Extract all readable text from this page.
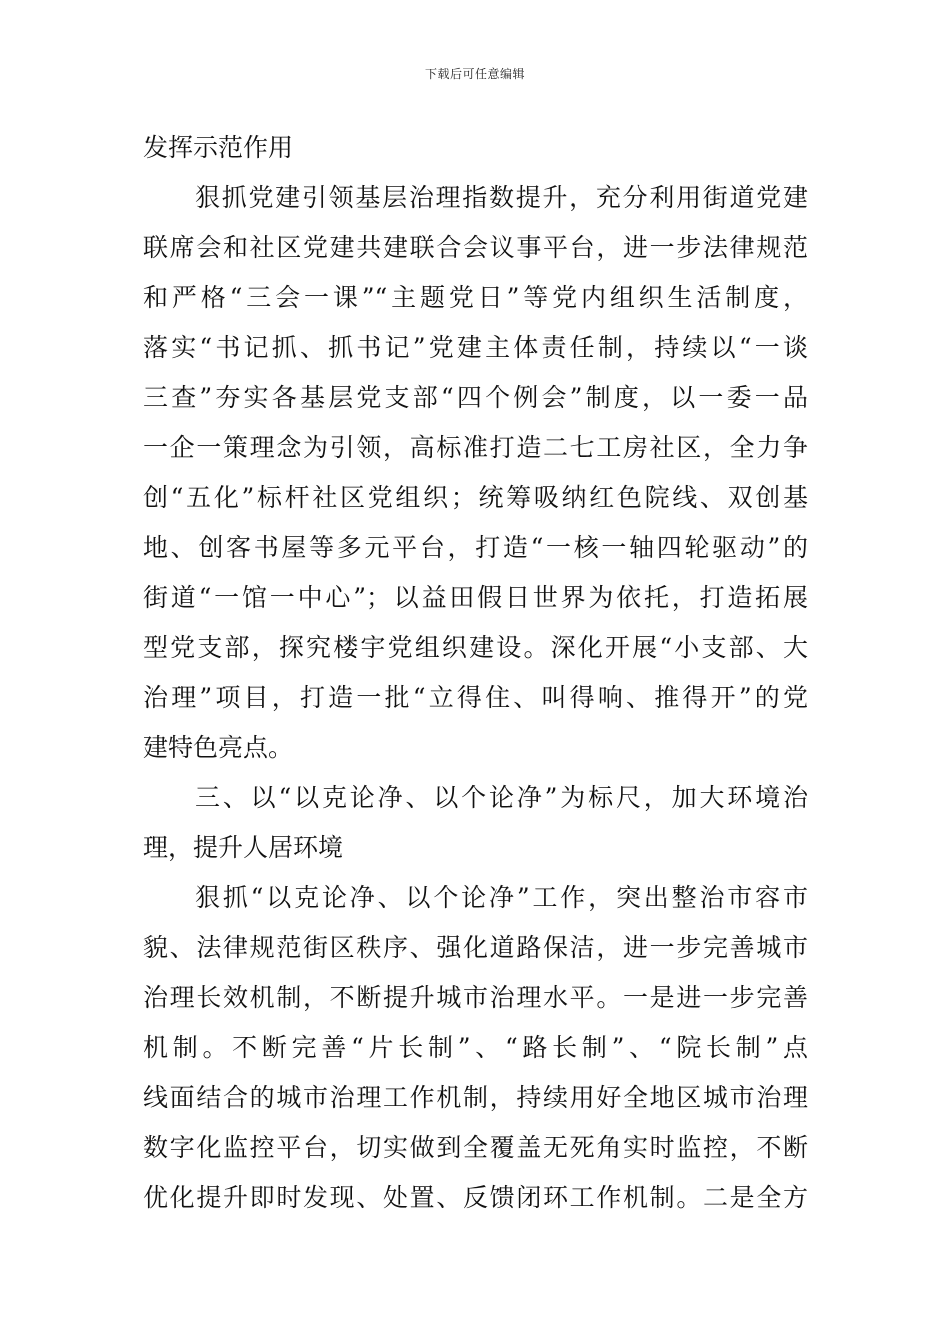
下载后可任意编辑
发挥示范作用
狠抓党建引领基层治理指数提升，充分利用街道党建
联席会和社区党建共建联合会议事平台，进一步法律规范
和严格“三会一课”“主题党日”等党内组织生活制度，
落实“书记抓、抓书记”党建主体责任制，持续以“一谈
三查”夯实各基层党支部“四个例会”制度，以一委一品
一企一策理念为引领，高标准打造二七工房社区，全力争
创“五化”标杆社区党组织；统筹吸纳红色院线、双创基
地、创客书屋等多元平台，打造“一核一轴四轮驱动”的
街道“一馆一中心”；以益田假日世界为依托，打造拓展
型党支部，探究楼宇党组织建设。深化开展“小支部、大
治理”项目，打造一批“立得住、叫得响、推得开”的党
建特色亮点。
三、以“以克论净、以个论净”为标尺，加大环境治
理，提升人居环境
狠抓“以克论净、以个论净”工作，突出整治市容市
貌、法律规范街区秩序、强化道路保洁，进一步完善城市
治理长效机制，不断提升城市治理水平。一是进一步完善
机制。不断完善“片长制”、“路长制”、“院长制”点
线面结合的城市治理工作机制，持续用好全地区城市治理
数字化监控平台，切实做到全覆盖无死角实时监控，不断
优化提升即时发现、处置、反馈闭环工作机制。二是全方
